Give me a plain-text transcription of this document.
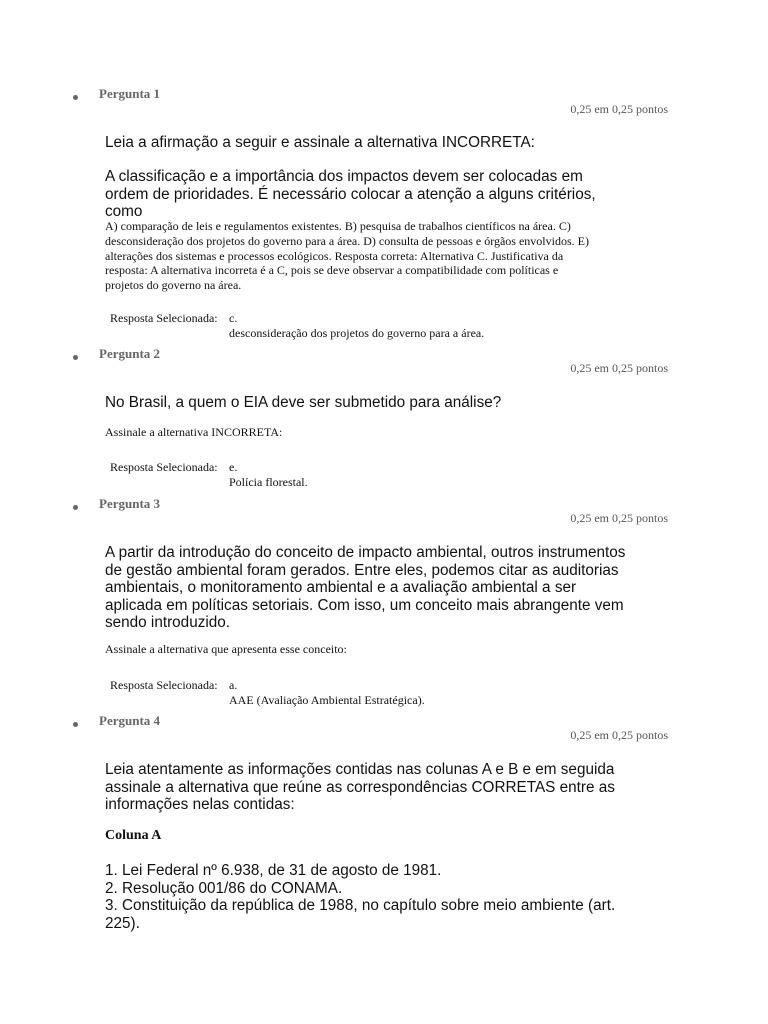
Pergunta 1
0,25 em 0,25 pontos
Leia a afirmação a seguir e assinale a alternativa INCORRETA:
A classificação e a importância dos impactos devem ser colocadas em
ordem de prioridades. É necessário colocar a atenção a alguns critérios,
como
A) comparação de leis e regulamentos existentes. B) pesquisa de trabalhos científicos na área. C)
desconsideração dos projetos do governo para a área. D) consulta de pessoas e órgãos envolvidos. E)
alterações dos sistemas e processos ecológicos. Resposta correta: Alternativa C. Justificativa da
resposta: A alternativa incorreta é a C, pois se deve observar a compatibilidade com políticas e
projetos do governo na área.
Resposta Selecionada: c.
desconsideração dos projetos do governo para a área.
Pergunta 2
0,25 em 0,25 pontos
No Brasil, a quem o EIA deve ser submetido para análise?
Assinale a alternativa INCORRETA:
Resposta Selecionada: e.
Polícia florestal.
Pergunta 3
0,25 em 0,25 pontos
A partir da introdução do conceito de impacto ambiental, outros instrumentos
de gestão ambiental foram gerados. Entre eles, podemos citar as auditorias
ambientais, o monitoramento ambiental e a avaliação ambiental a ser
aplicada em políticas setoriais. Com isso, um conceito mais abrangente vem
sendo introduzido.
Assinale a alternativa que apresenta esse conceito:
Resposta Selecionada: a.
AAE (Avaliação Ambiental Estratégica).
Pergunta 4
0,25 em 0,25 pontos
Leia atentamente as informações contidas nas colunas A e B e em seguida
assinale a alternativa que reúne as correspondências CORRETAS entre as
informações nelas contidas:
Coluna A
1. Lei Federal nº 6.938, de 31 de agosto de 1981.
2. Resolução 001/86 do CONAMA.
3. Constituição da república de 1988, no capítulo sobre meio ambiente (art.
225).
